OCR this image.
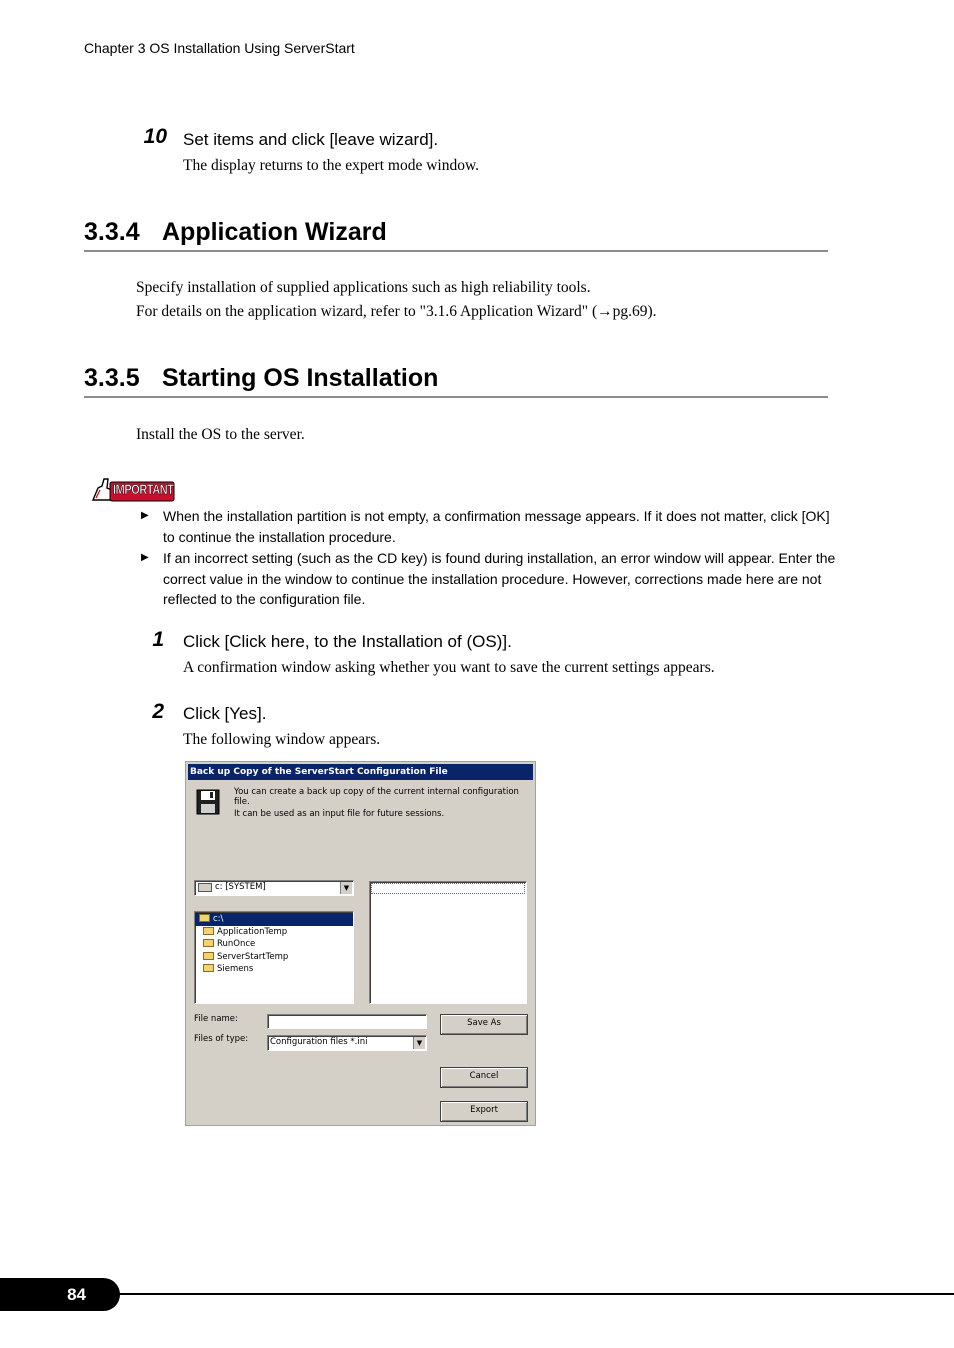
Chapter 3 OS Installation Using ServerStart
10 Set items and click [leave wizard].
The display returns to the expert mode window.
3.3.4 Application Wizard
Specify installation of supplied applications such as high reliability tools.
For details on the application wizard, refer to "3.1.6 Application Wizard" (→pg.69).
3.3.5 Starting OS Installation
Install the OS to the server.
IMPORTANT
▶ When the installation partition is not empty, a confirmation message appears. If it does not matter, click [OK] to continue the installation procedure.
▶ If an incorrect setting (such as the CD key) is found during installation, an error window will appear. Enter the correct value in the window to continue the installation procedure. However, corrections made here are not reflected to the configuration file.
1 Click [Click here, to the Installation of (OS)].
A confirmation window asking whether you want to save the current settings appears.
2 Click [Yes].
The following window appears.
Back up Copy of the ServerStart Configuration File
You can create a back up copy of the current internal configuration file.
It can be used as an input file for future sessions.
c: [SYSTEM]	▼
c:\
ApplicationTemp
RunOnce
ServerStartTemp
Siemens
File name:
Files of type:	Configuration files *.ini	▼
Save As
Cancel
Export
84
